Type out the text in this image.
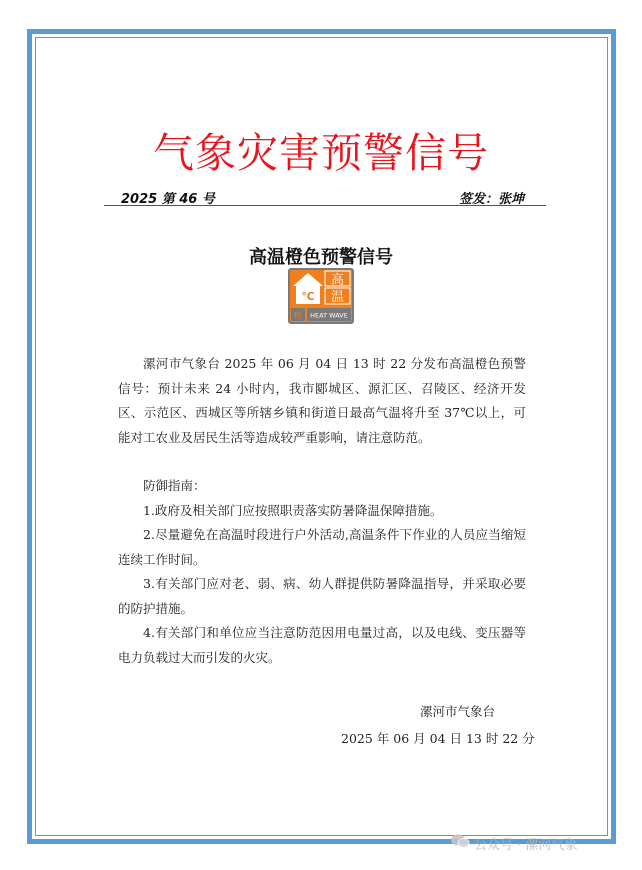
气象灾害预警信号
2025 第 46 号	签发：张坤
高温橙色预警信号
℃
高
温
橙 HEAT WAVE

漯河市气象台 2025 年 06 月 04 日 13 时 22 分发布高温橙色预警信号：预计未来 24 小时内，我市郾城区、源汇区、召陵区、经济开发区、示范区、西城区等所辖乡镇和街道日最高气温将升至 37℃以上，可能对工农业及居民生活等造成较严重影响，请注意防范。

防御指南：

1.政府及相关部门应按照职责落实防暑降温保障措施。

2.尽量避免在高温时段进行户外活动,高温条件下作业的人员应当缩短连续工作时间。

3.有关部门应对老、弱、病、幼人群提供防暑降温指导，并采取必要的防护措施。

4.有关部门和单位应当注意防范因用电量过高，以及电线、变压器等电力负载过大而引发的火灾。

漯河市气象台
2025 年 06 月 04 日 13 时 22 分
公众号 · 漯河气象
